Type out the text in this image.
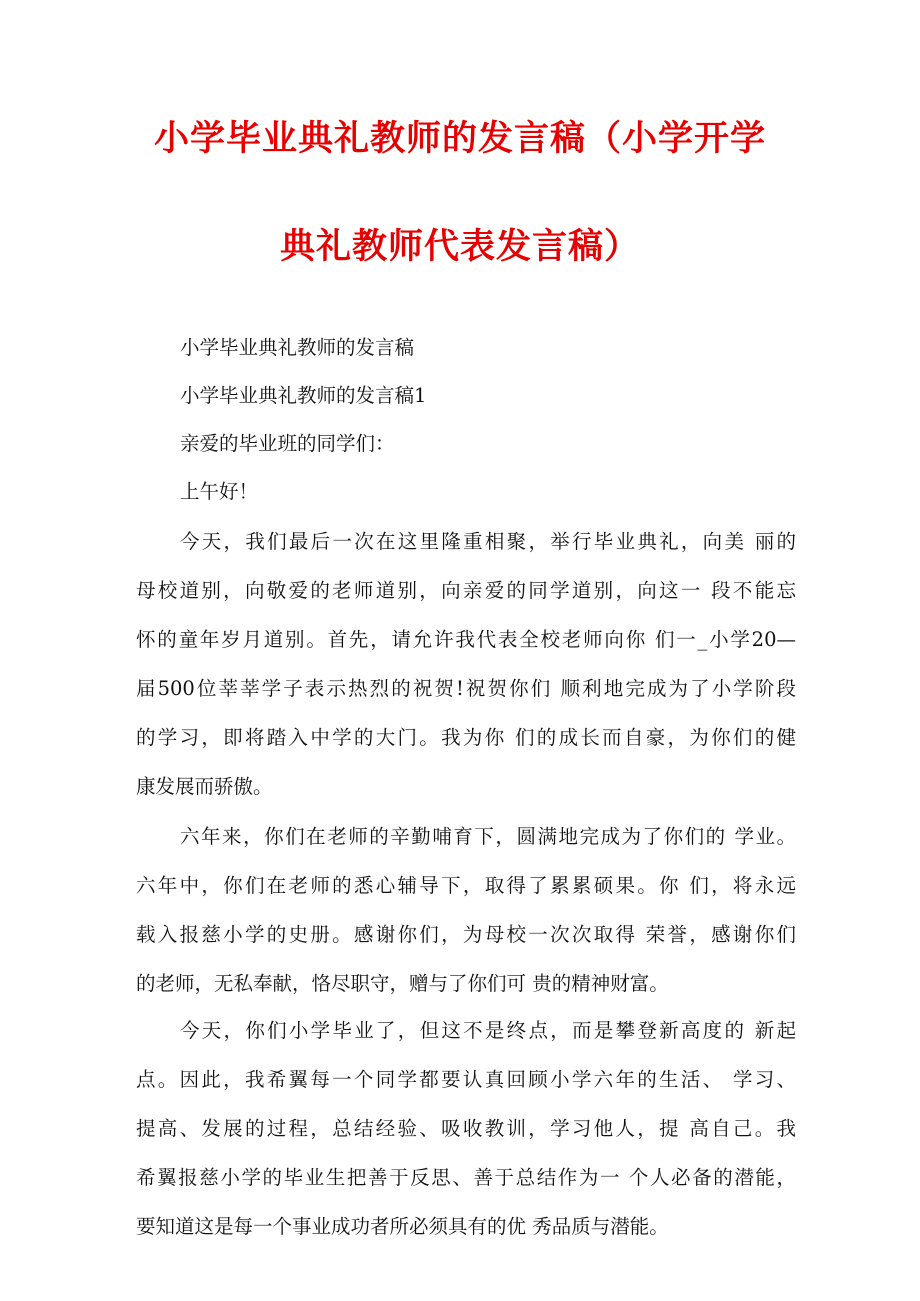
小学毕业典礼教师的发言稿（小学开学
典礼教师代表发言稿）

小学毕业典礼教师的发言稿

小学毕业典礼教师的发言稿1

亲爱的毕业班的同学们：

上午好！

今天，我们最后一次在这里隆重相聚，举行毕业典礼，向美 丽的

母校道别，向敬爱的老师道别，向亲爱的同学道别，向这一 段不能忘

怀的童年岁月道别。首先，请允许我代表全校老师向你 们一_小学20—

届500位莘莘学子表示热烈的祝贺!祝贺你们 顺利地完成为了小学阶段

的学习，即将踏入中学的大门。我为你 们的成长而自豪，为你们的健

康发展而骄傲。

六年来，你们在老师的辛勤哺育下，圆满地完成为了你们的 学业。

六年中，你们在老师的悉心辅导下，取得了累累硕果。你 们，将永远

载入报慈小学的史册。感谢你们，为母校一次次取得 荣誉，感谢你们

的老师，无私奉献，恪尽职守，赠与了你们可 贵的精神财富。

今天，你们小学毕业了，但这不是终点，而是攀登新高度的 新起

点。因此，我希翼每一个同学都要认真回顾小学六年的生活、 学习、

提高、发展的过程，总结经验、吸收教训，学习他人，提 高自己。我

希翼报慈小学的毕业生把善于反思、善于总结作为一 个人必备的潜能，

要知道这是每一个事业成功者所必须具有的优 秀品质与潜能。
